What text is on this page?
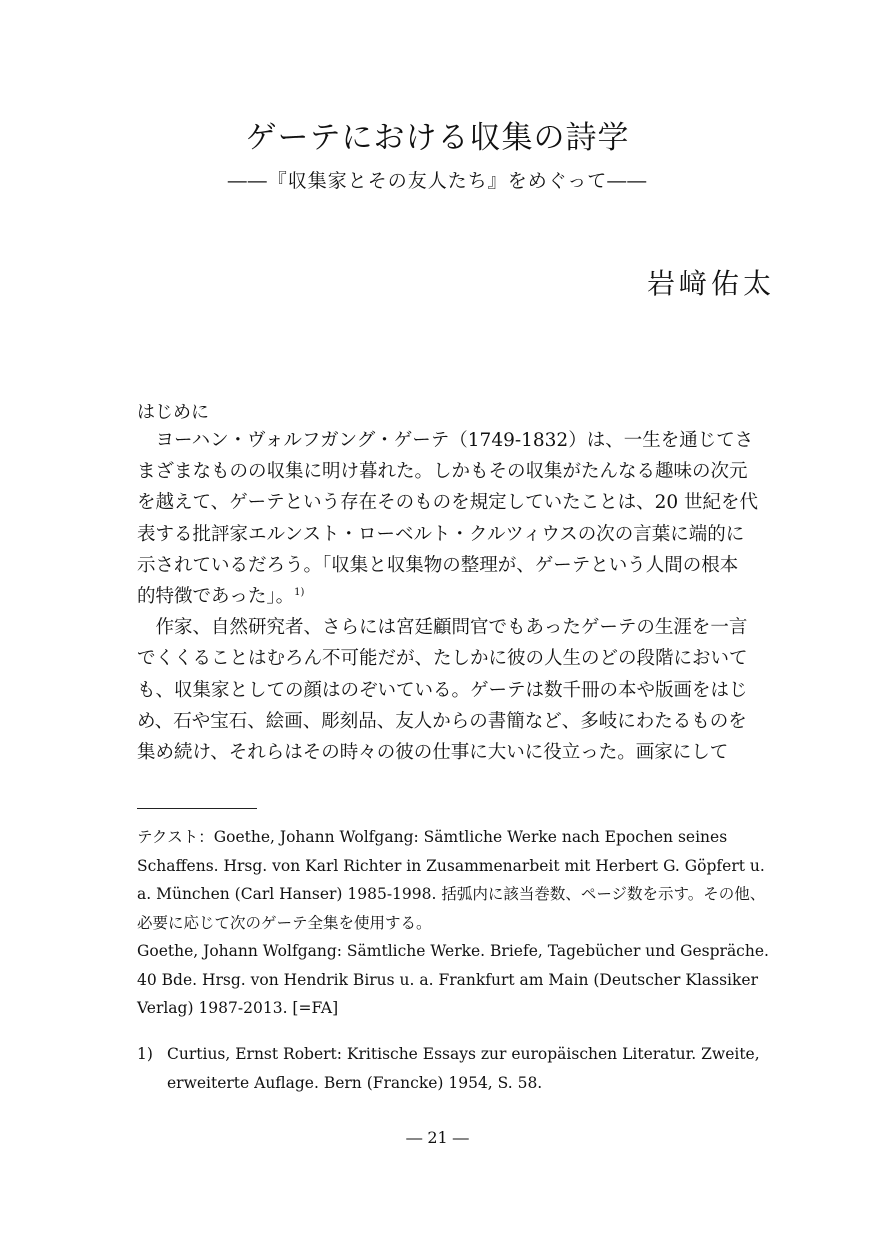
ゲーテにおける収集の詩学
――『収集家とその友人たち』をめぐって――
岩﨑佑太
はじめに

ヨーハン・ヴォルフガング・ゲーテ（1749-1832）は、一生を通じてさ
まざまなものの収集に明け暮れた。しかもその収集がたんなる趣味の次元
を越えて、ゲーテという存在そのものを規定していたことは、20 世紀を代
表する批評家エルンスト・ローベルト・クルツィウスの次の言葉に端的に
示されているだろう。「収集と収集物の整理が、ゲーテという人間の根本
的特徴であった」。$^{1)}$

作家、自然研究者、さらには宮廷顧問官でもあったゲーテの生涯を一言
でくくることはむろん不可能だが、たしかに彼の人生のどの段階において
も、収集家としての顔はのぞいている。ゲーテは数千冊の本や版画をはじ
め、石や宝石、絵画、彫刻品、友人からの書簡など、多岐にわたるものを
集め続け、それらはその時々の彼の仕事に大いに役立った。画家にして

テクスト：Goethe, Johann Wolfgang: Sämtliche Werke nach Epochen seines Schaffens. Hrsg. von Karl Richter in Zusammenarbeit mit Herbert G. Göpfert u. a. München (Carl Hanser) 1985-1998. 括弧内に該当巻数、ページ数を示す。その他、必要に応じて次のゲーテ全集を使用する。

Goethe, Johann Wolfgang: Sämtliche Werke. Briefe, Tagebücher und Gespräche. 40 Bde. Hrsg. von Hendrik Birus u. a. Frankfurt am Main (Deutscher Klassiker Verlag) 1987-2013. [=FA]

1) Curtius, Ernst Robert: Kritische Essays zur europäischen Literatur. Zweite, erweiterte Auflage. Bern (Francke) 1954, S. 58.
― 21 ―
